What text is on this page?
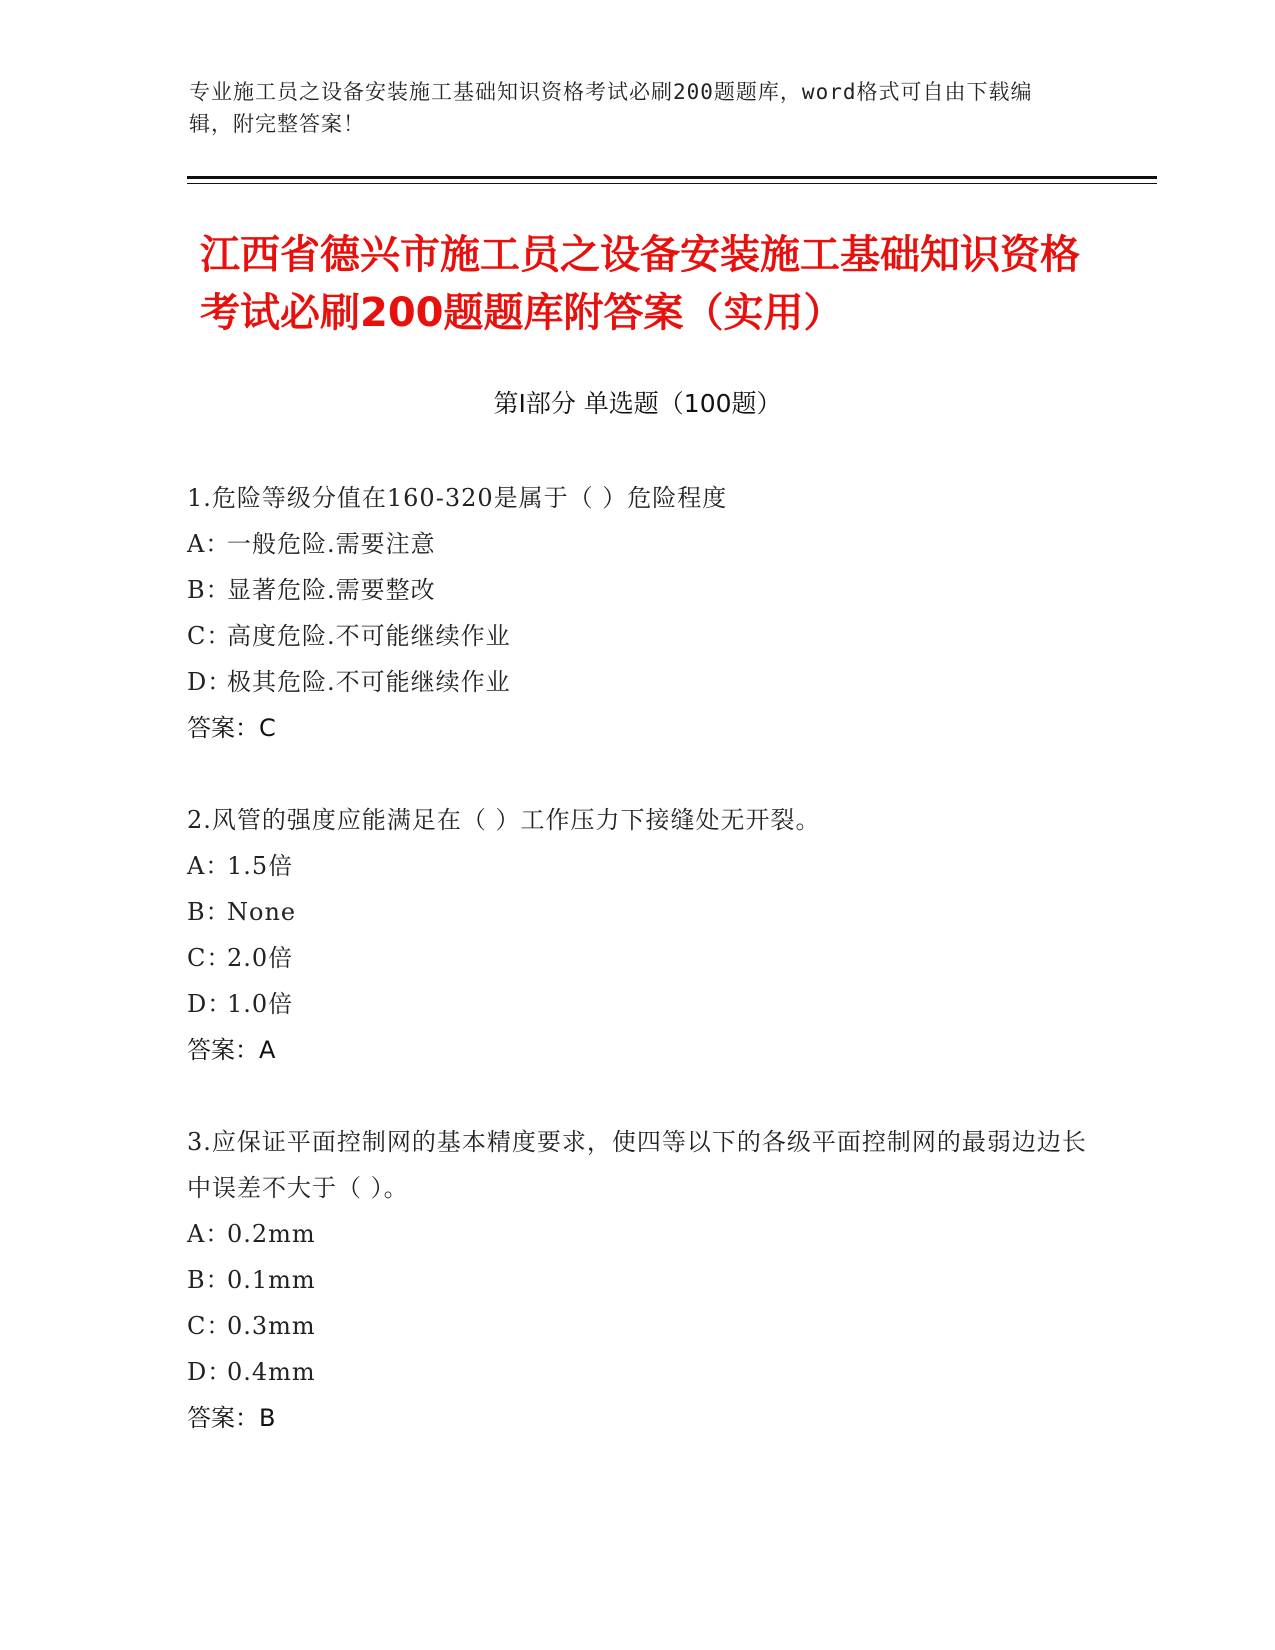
专业施工员之设备安装施工基础知识资格考试必刷200题题库，word格式可自由下载编辑，附完整答案！
江西省德兴市施工员之设备安装施工基础知识资格考试必刷200题题库附答案（实用）
第Ⅰ部分 单选题（100题）

1.危险等级分值在160-320是属于（ ）危险程度

A：一般危险.需要注意

B：显著危险.需要整改

C：高度危险.不可能继续作业

D：极其危险.不可能继续作业

答案：C

2.风管的强度应能满足在（ ）工作压力下接缝处无开裂。

A：1.5倍

B：None

C：2.0倍

D：1.0倍

答案：A

3.应保证平面控制网的基本精度要求，使四等以下的各级平面控制网的最弱边边长中误差不大于（ ）。

A：0.2mm

B：0.1mm

C：0.3mm

D：0.4mm

答案：B
